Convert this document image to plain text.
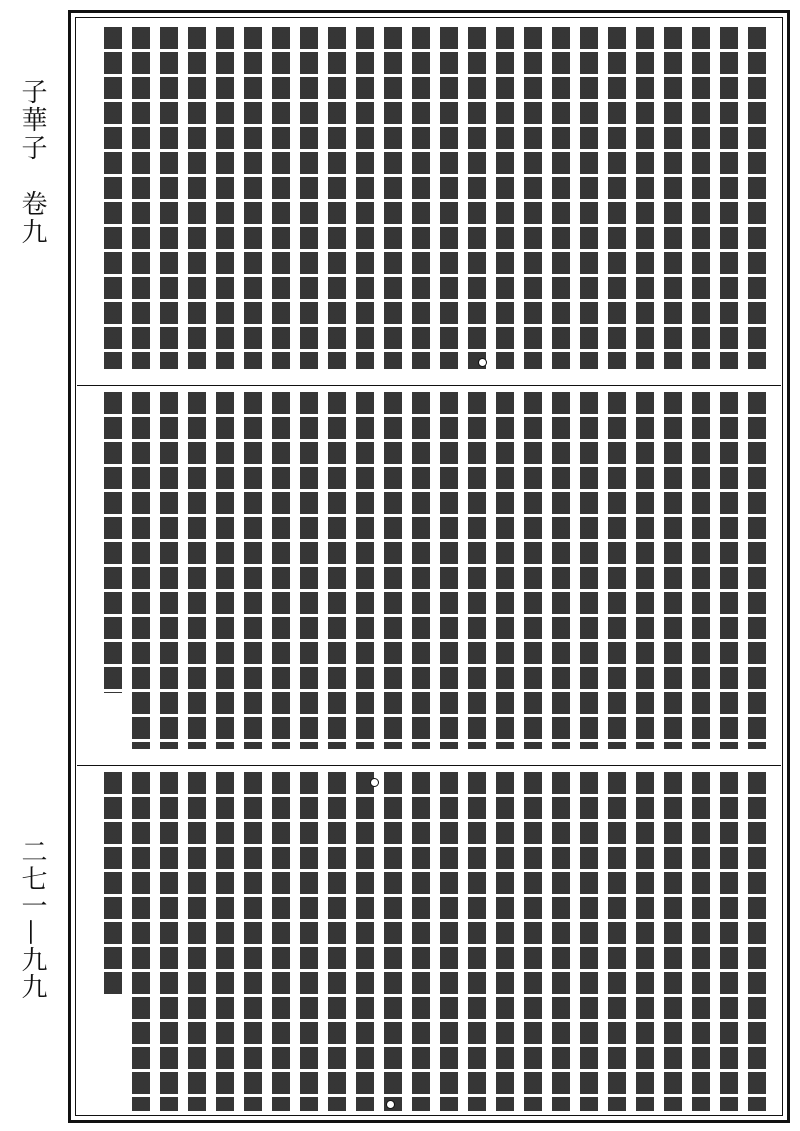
子華子　卷九
二七一—九九
